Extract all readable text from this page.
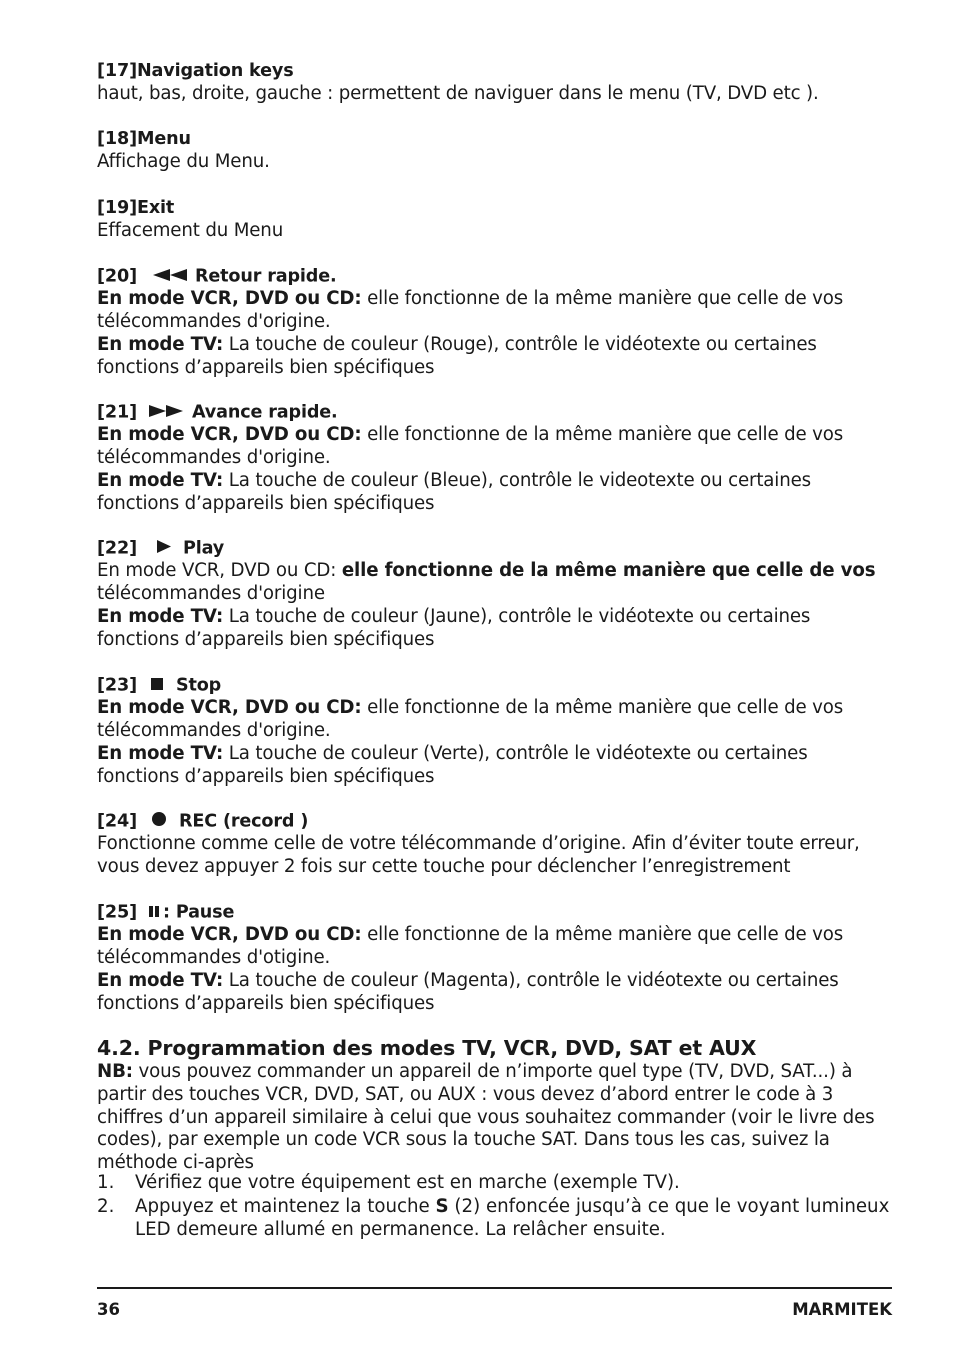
[17]Navigation keys

haut, bas, droite, gauche : permettent de naviguer dans le menu (TV, DVD etc ).

[18]Menu

Affichage du Menu.

[19]Exit

Effacement du Menu

[20]	Retour rapide.

En mode VCR, DVD ou CD: elle fonctionne de la même manière que celle de vos télécommandes d'origine.

En mode TV: La touche de couleur (Rouge), contrôle le vidéotexte ou certaines fonctions d’appareils bien spécifiques

[21]	Avance rapide.

En mode VCR, DVD ou CD: elle fonctionne de la même manière que celle de vos télécommandes d'origine.

En mode TV: La touche de couleur (Bleue), contrôle le videotexte ou certaines fonctions d’appareils bien spécifiques

[22]	Play

En mode VCR, DVD ou CD: elle fonctionne de la même manière que celle de vos télécommandes d'origine

En mode TV: La touche de couleur (Jaune), contrôle le vidéotexte ou certaines fonctions d’appareils bien spécifiques

[23] Stop

En mode VCR, DVD ou CD: elle fonctionne de la même manière que celle de vos télécommandes d'origine.

En mode TV: La touche de couleur (Verte), contrôle le vidéotexte ou certaines fonctions d’appareils bien spécifiques

[24] REC (record )

Fonctionne comme celle de votre télécommande d’origine. Afin d’éviter toute erreur, vous devez appuyer 2 fois sur cette touche pour déclencher l’enregistrement

[25] : Pause

En mode VCR, DVD ou CD: elle fonctionne de la même manière que celle de vos télécommandes d'otigine.

En mode TV: La touche de couleur (Magenta), contrôle le vidéotexte ou certaines fonctions d’appareils bien spécifiques

4.2. Programmation des modes TV, VCR, DVD, SAT et AUX

NB: vous pouvez commander un appareil de n’importe quel type (TV, DVD, SAT...) à partir des touches VCR, DVD, SAT, ou AUX : vous devez d’abord entrer le code à 3 chiffres d’un appareil similaire à celui que vous souhaitez commander (voir le livre des codes), par exemple un code VCR sous la touche SAT. Dans tous les cas, suivez la méthode ci-après

1. Vérifiez que votre équipement est en marche (exemple TV).
2. Appuyez et maintenez la touche S (2) enfoncée jusqu’à ce que le voyant lumineux LED demeure allumé en permanence. La relâcher ensuite.
36	MARMITEK
